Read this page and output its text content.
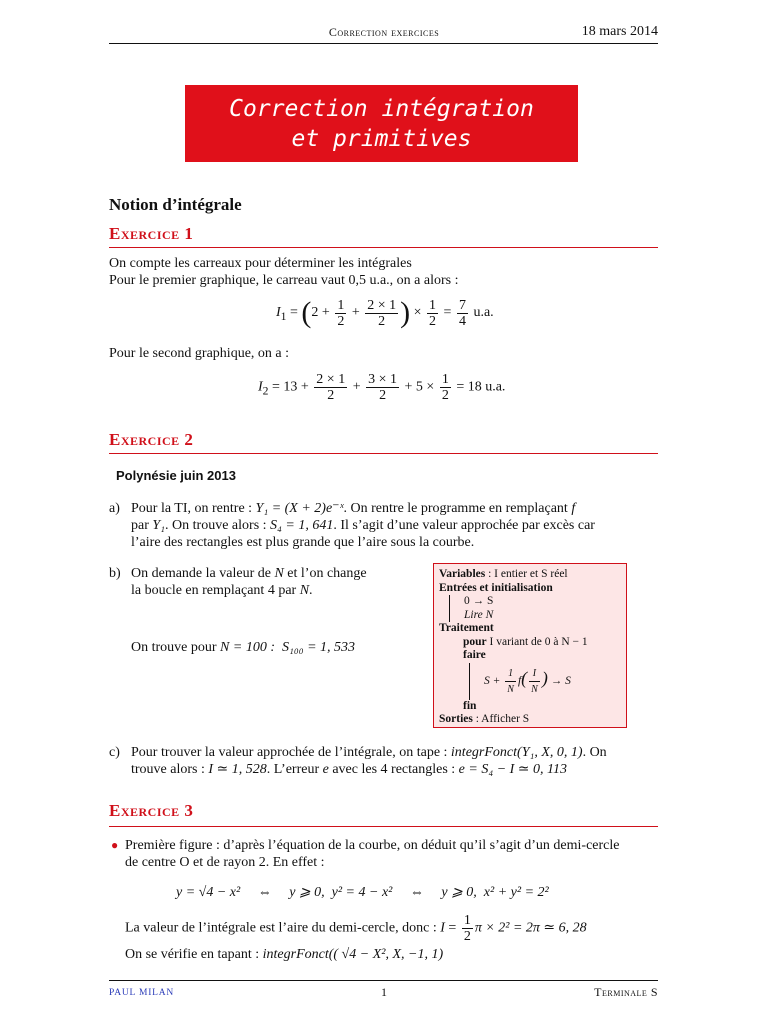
Correction exercices	18 mars 2014
Correction intégration et primitives
Notion d’intégrale
Exercice 1
On compte les carreaux pour déterminer les intégrales
Pour le premier graphique, le carreau vaut 0,5 u.a., on a alors :
$I_1 = (2 + \frac{1}{2} + \frac{2 \times 1}{2}$ ) × $\frac{1}{2} = \frac{7}{4} u.a$.
Pour le second graphique, on a :
$I_2 = 13 + \frac{2 \times 1}{2} + \frac{3 \times 1}{2} + 5 \times \frac{1}{2} = 18$ u.a.
Exercice 2
Polynésie juin 2013
a) Pour la TI, on rentre : Y₁ = (X + 2)e⁻ˣ. On rentre le programme en remplaçant f
par Y₁. On trouve alors : S₄ = 1, 641. Il s’agit d’une valeur approchée par excès car
l’aire des rectangles est plus grande que l’aire sous la courbe.
b) On demande la valeur de N et l’on change
la boucle en remplaçant 4 par N.
On trouve pour N = 100 : S₁₀₀ = 1, 533
Variables : I entier et S réel
Entrées et initialisation
0 → S
Lire N
Traitement
pour I variant de 0 à N − 1
faire
$S + \frac{1}{N} f( \frac{I}{N}$ ) → S
fin
Sorties : Afficher S
c) Pour trouver la valeur approchée de l’intégrale, on tape : integrFonct(Y₁, X, 0, 1). On
trouve alors : I ≃ 1, 528. L’erreur e avec les 4 rectangles : e = S₄ − I ≃ 0, 113
Exercice 3
● Première figure : d’après l’équation de la courbe, on déduit qu’il s’agit d’un demi-cercle
de centre O et de rayon 2. En effet :
y = √4 − x²     ⇔     y ⩾ 0,  y² = 4 − x²     ⇔     y ⩾ 0,  x² + y² = 2²
La valeur de l’intégrale est l’aire du demi-cercle, donc : $I = \frac{1}{2}$ π × 2² = 2π ≃ 6, 28
On se vérifie en tapant : integrFonct(( √4 − X², X, −1, 1)
PAUL MILAN	1	Terminale S
